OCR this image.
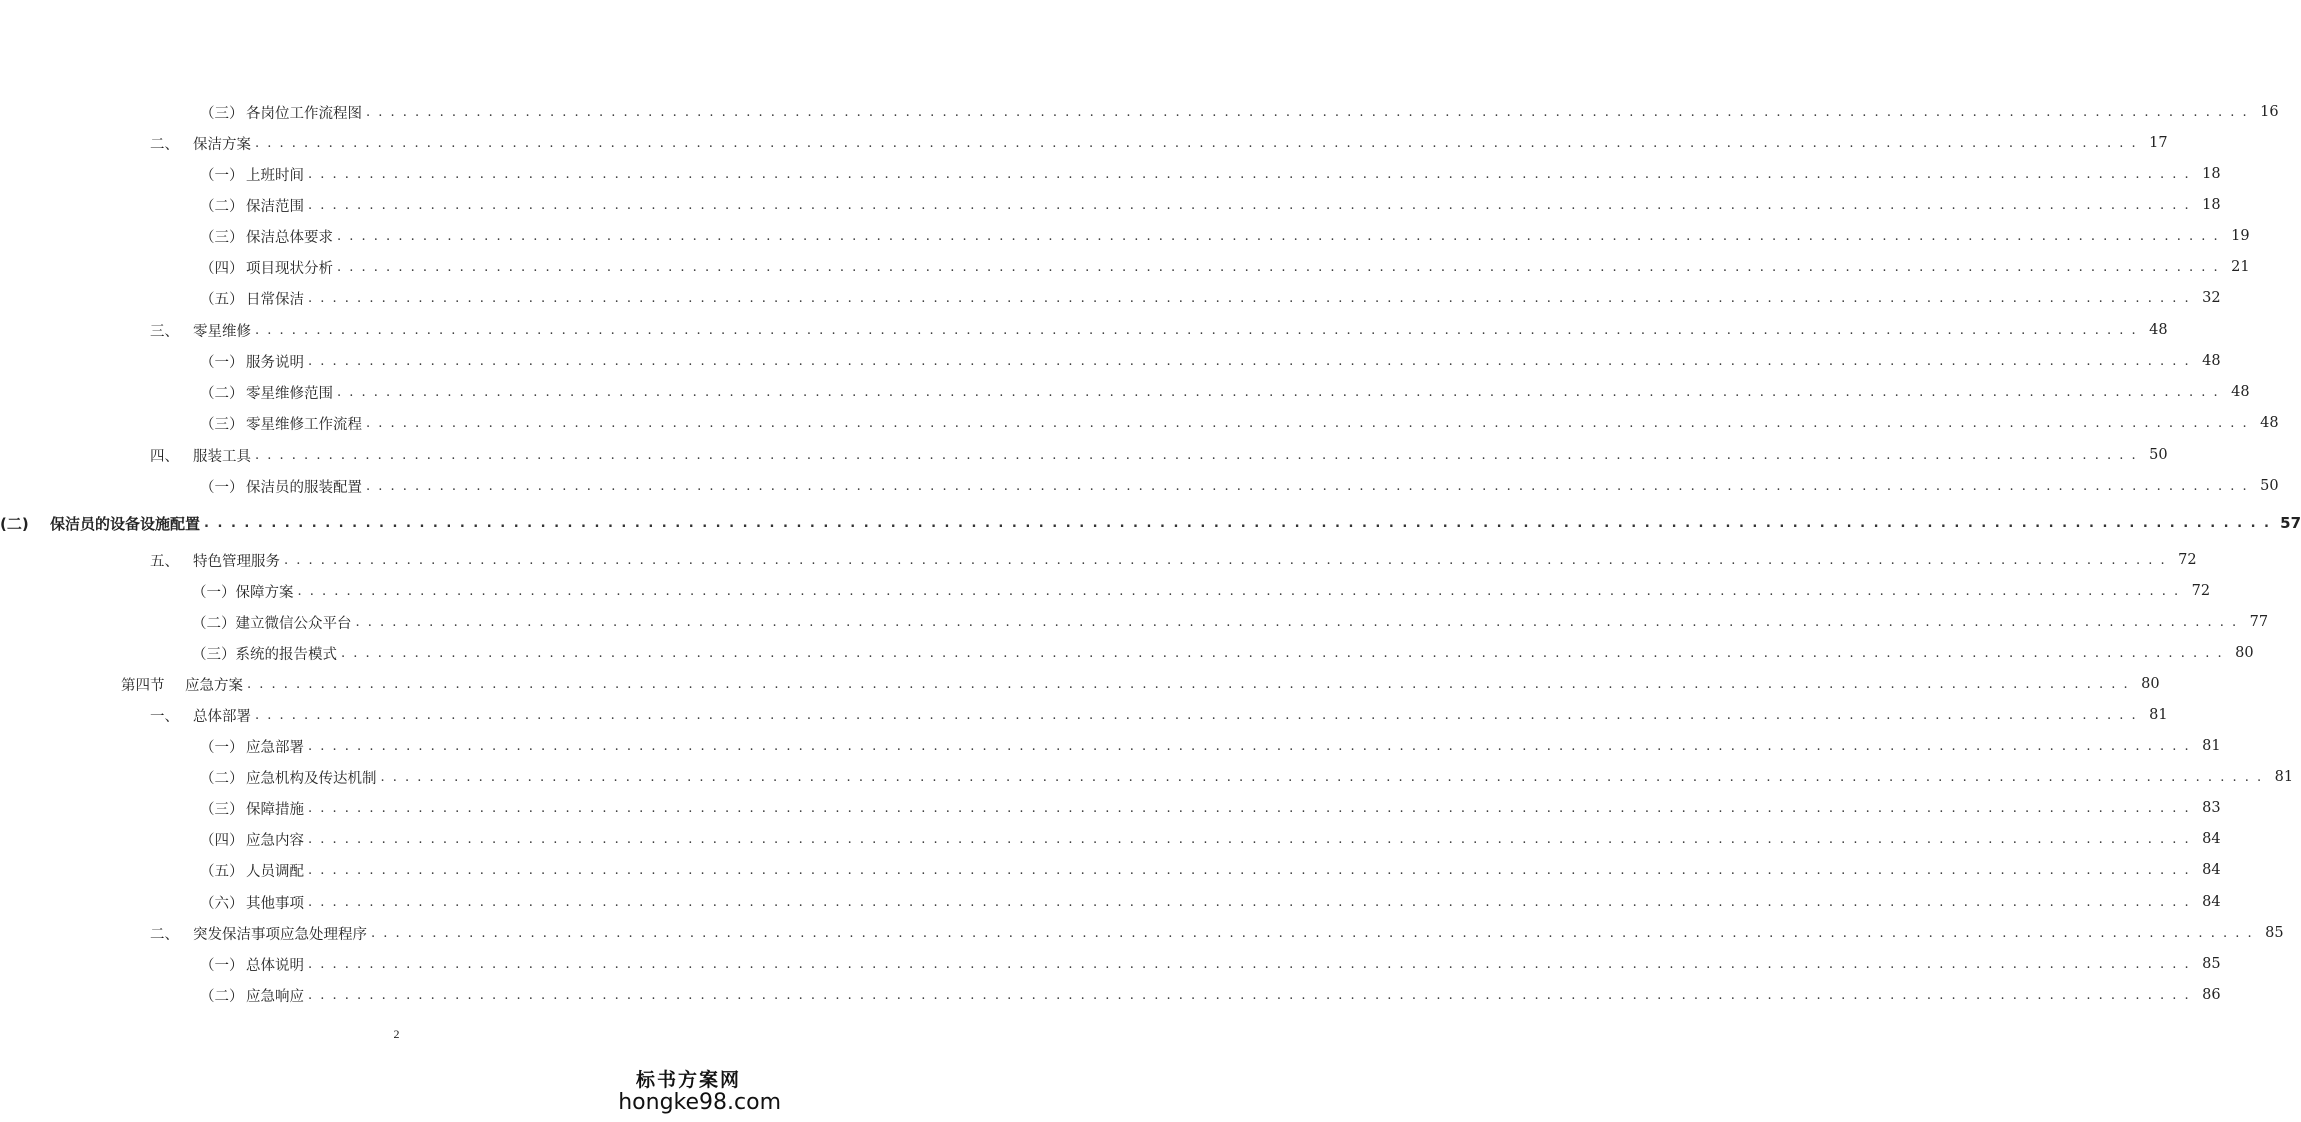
（三） 各岗位工作流程图 . . .	16
二、 保洁方案 . . .	17
（一） 上班时间 . . .	18
（二） 保洁范围 . . .	18
（三） 保洁总体要求 . . .	19
（四） 项目现状分析 . . .	21
（五） 日常保洁 . . .	32
三、 零星维修 . . .	48
（一） 服务说明 . . .	48
（二） 零星维修范围 . . .	48
（三） 零星维修工作流程 . . .	48
四、 服装工具 . . .	50
（一） 保洁员的服装配置 . . .	50
(二)	保洁员的设备设施配置 . . .	57
五、 特色管理服务 . . .	72
（一）保障方案 . . .	72
（二）建立微信公众平台 . . .	77
（三）系统的报告模式 . . .	80
第四节	应急方案 . . .	80
一、 总体部署 . . .	81
（一） 应急部署 . . .	81
（二） 应急机构及传达机制 . . .	81
（三） 保障措施 . . .	83
（四） 应急内容 . . .	84
（五） 人员调配 . . .	84
（六） 其他事项 . . .	84
二、 突发保洁事项应急处理程序 . . .	85
（一） 总体说明 . . .	85
（二） 应急响应 . . .	86
2
标书方案网
hongke98.com
